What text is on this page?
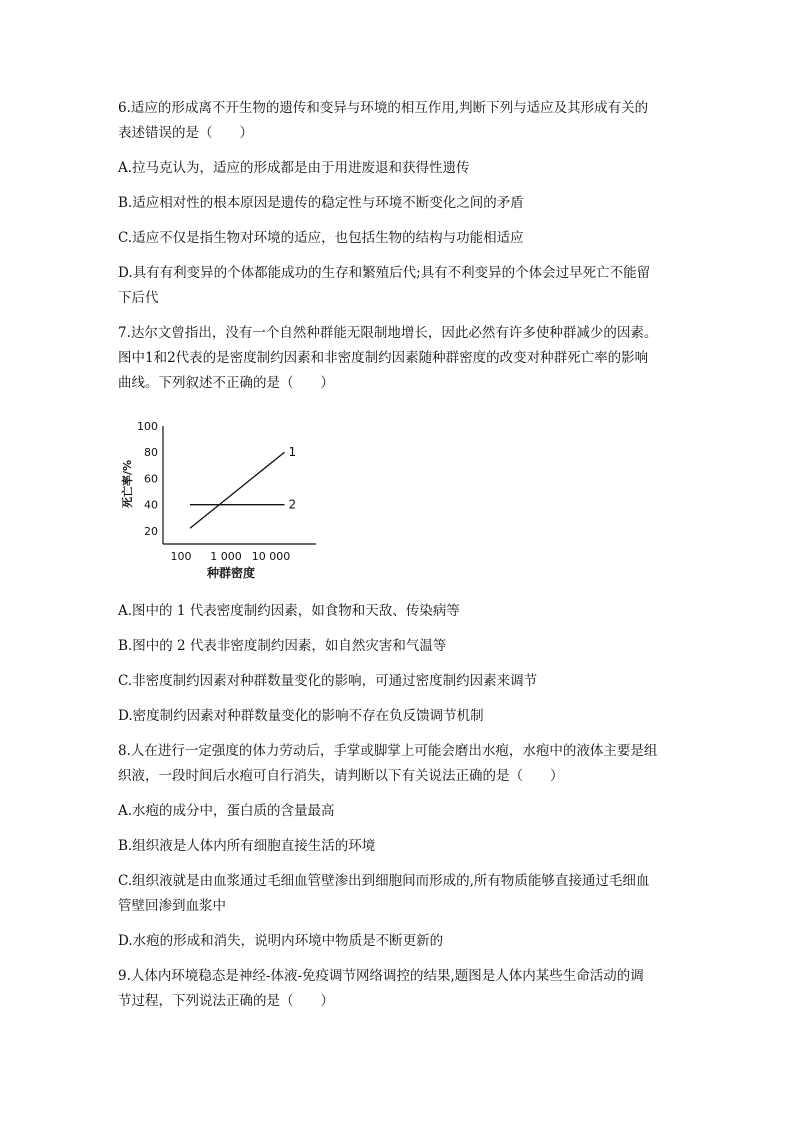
6.适应的形成离不开生物的遗传和变异与环境的相互作用,判断下列与适应及其形成有关的

表述错误的是（　　）

A.拉马克认为，适应的形成都是由于用进废退和获得性遗传

B.适应相对性的根本原因是遗传的稳定性与环境不断变化之间的矛盾

C.适应不仅是指生物对环境的适应，也包括生物的结构与功能相适应

D.具有有利变异的个体都能成功的生存和繁殖后代;具有不利变异的个体会过早死亡不能留

下后代

7.达尔文曾指出，没有一个自然种群能无限制地增长，因此必然有许多使种群减少的因素。

图中1和2代表的是密度制约因素和非密度制约因素随种群密度的改变对种群死亡率的影响

曲线。下列叙述不正确的是（　　）

A.图中的 1 代表密度制约因素，如食物和天敌、传染病等

B.图中的 2 代表非密度制约因素，如自然灾害和气温等

C.非密度制约因素对种群数量变化的影响，可通过密度制约因素来调节

D.密度制约因素对种群数量变化的影响不存在负反馈调节机制

8.人在进行一定强度的体力劳动后，手掌或脚掌上可能会磨出水疱，水疱中的液体主要是组

织液，一段时间后水疱可自行消失，请判断以下有关说法正确的是（　　）

A.水疱的成分中，蛋白质的含量最高

B.组织液是人体内所有细胞直接生活的环境

C.组织液就是由血浆通过毛细血管壁渗出到细胞间而形成的,所有物质能够直接通过毛细血

管壁回渗到血浆中

D.水疱的形成和消失，说明内环境中物质是不断更新的

9.人体内环境稳态是神经-体液-免疫调节网络调控的结果,题图是人体内某些生命活动的调

节过程，下列说法正确的是（　　）

20
40
60
80
100
100 1 000 10 000
死亡率/%
种群密度
1
2
